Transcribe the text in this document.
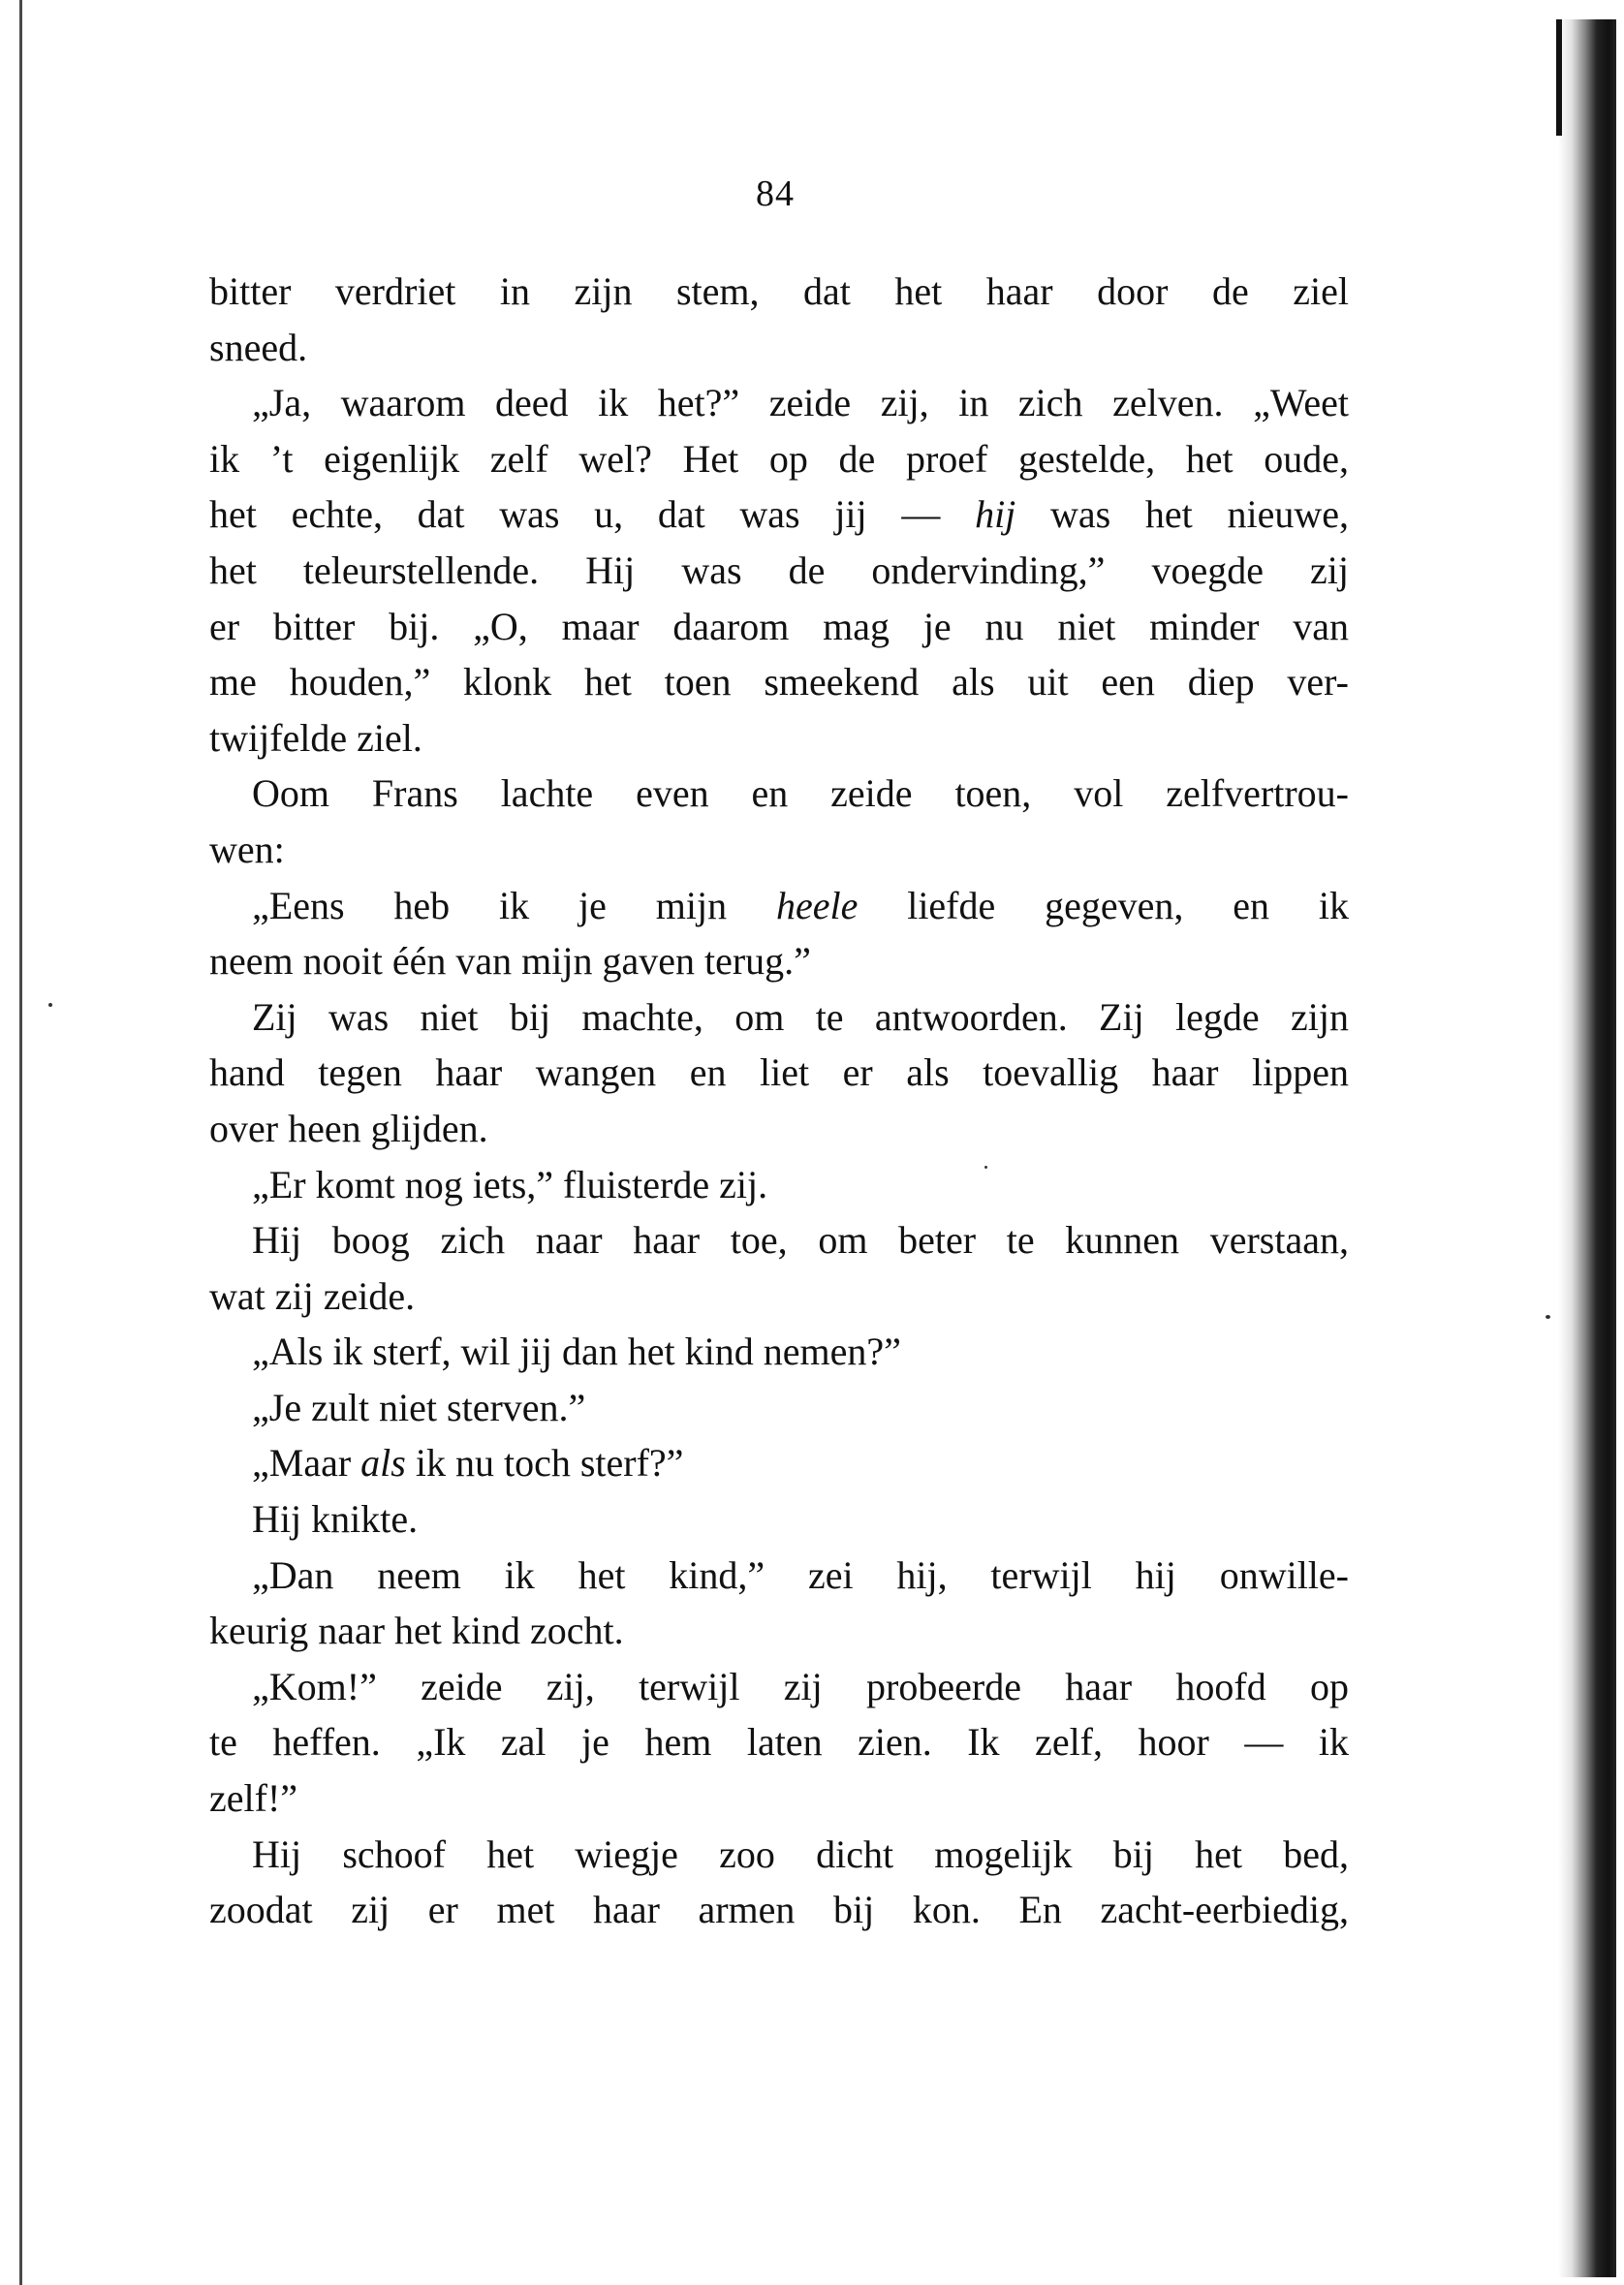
84
bitter verdriet in zijn stem, dat het haar door de ziel
sneed.
„Ja, waarom deed ik het?” zeide zij, in zich zelven. „Weet
ik ’t eigenlijk zelf wel? Het op de proef gestelde, het oude,
het echte, dat was u, dat was jij — hij was het nieuwe,
het teleurstellende. Hij was de ondervinding,” voegde zij
er bitter bij. „O, maar daarom mag je nu niet minder van
me houden,” klonk het toen smeekend als uit een diep ver-
twijfelde ziel.
Oom Frans lachte even en zeide toen, vol zelfvertrou-
wen:
„Eens heb ik je mijn heele liefde gegeven, en ik
neem nooit één van mijn gaven terug.”
Zij was niet bij machte, om te antwoorden. Zij legde zijn
hand tegen haar wangen en liet er als toevallig haar lippen
over heen glijden.
„Er komt nog iets,” fluisterde zij.
Hij boog zich naar haar toe, om beter te kunnen verstaan,
wat zij zeide.
„Als ik sterf, wil jij dan het kind nemen?”
„Je zult niet sterven.”
„Maar als ik nu toch sterf?”
Hij knikte.
„Dan neem ik het kind,” zei hij, terwijl hij onwille-
keurig naar het kind zocht.
„Kom!” zeide zij, terwijl zij probeerde haar hoofd op
te heffen. „Ik zal je hem laten zien. Ik zelf, hoor — ik
zelf!”
Hij schoof het wiegje zoo dicht mogelijk bij het bed,
zoodat zij er met haar armen bij kon. En zacht-eerbiedig,
